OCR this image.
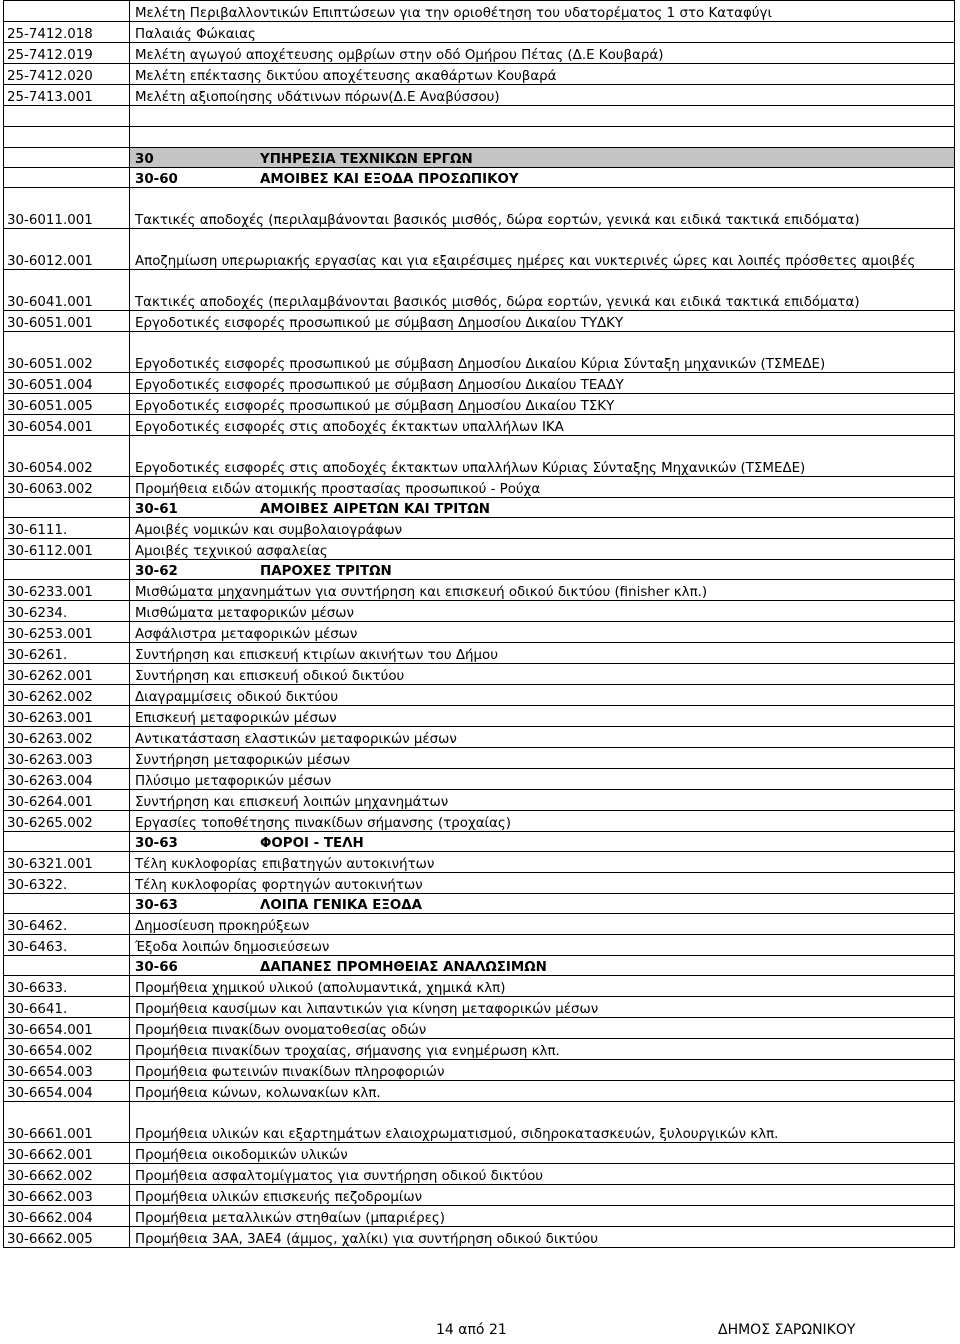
	Μελέτη Περιβαλλοντικών Επιπτώσεων για την οριοθέτηση του υδατορέματος 1 στο Καταφύγι
25-7412.018	Παλαιάς Φώκαιας
25-7412.019	Μελέτη αγωγού αποχέτευσης ομβρίων στην οδό Ομήρου Πέτας (Δ.Ε Κουβαρά)
25-7412.020	Μελέτη επέκτασης δικτύου αποχέτευσης ακαθάρτων Κουβαρά
25-7413.001	Μελέτη αξιοποίησης υδάτινων πόρων(Δ.Ε Αναβύσσου)

	30 ΥΠΗΡΕΣΙΑ ΤΕΧΝΙΚΩΝ ΕΡΓΩΝ
	30-60 ΑΜΟΙΒΕΣ ΚΑΙ ΕΞΟΔΑ ΠΡΟΣΩΠΙΚΟΥ
30-6011.001	Τακτικές αποδοχές (περιλαμβάνονται βασικός μισθός, δώρα εορτών, γενικά και ειδικά τακτικά επιδόματα)
30-6012.001	Αποζημίωση υπερωριακής εργασίας και για εξαιρέσιμες ημέρες και νυκτερινές ώρες και λοιπές πρόσθετες αμοιβές
30-6041.001	Τακτικές αποδοχές (περιλαμβάνονται βασικός μισθός, δώρα εορτών, γενικά και ειδικά τακτικά επιδόματα)
30-6051.001	Εργοδοτικές εισφορές προσωπικού με σύμβαση Δημοσίου Δικαίου ΤΥΔΚΥ
30-6051.002	Εργοδοτικές εισφορές προσωπικού με σύμβαση Δημοσίου Δικαίου Κύρια Σύνταξη μηχανικών (ΤΣΜΕΔΕ)
30-6051.004	Εργοδοτικές εισφορές προσωπικού με σύμβαση Δημοσίου Δικαίου ΤΕΑΔΥ
30-6051.005	Εργοδοτικές εισφορές προσωπικού με σύμβαση Δημοσίου Δικαίου ΤΣΚΥ
30-6054.001	Εργοδοτικές εισφορές στις αποδοχές έκτακτων υπαλλήλων ΙΚΑ
30-6054.002	Εργοδοτικές εισφορές στις αποδοχές έκτακτων υπαλλήλων Κύριας Σύνταξης Μηχανικών (ΤΣΜΕΔΕ)
30-6063.002	Προμήθεια ειδών ατομικής προστασίας προσωπικού - Ρούχα
	30-61 ΑΜΟΙΒΕΣ ΑΙΡΕΤΩΝ ΚΑΙ ΤΡΙΤΩΝ
30-6111.	Αμοιβές νομικών και συμβολαιογράφων
30-6112.001	Αμοιβές τεχνικού ασφαλείας
	30-62 ΠΑΡΟΧΕΣ ΤΡΙΤΩΝ
30-6233.001	Μισθώματα μηχανημάτων για συντήρηση και επισκευή οδικού δικτύου (finisher κλπ.)
30-6234.	Μισθώματα μεταφορικών μέσων
30-6253.001	Ασφάλιστρα μεταφορικών μέσων
30-6261.	Συντήρηση και επισκευή κτιρίων ακινήτων του Δήμου
30-6262.001	Συντήρηση και επισκευή οδικού δικτύου
30-6262.002	Διαγραμμίσεις οδικού δικτύου
30-6263.001	Επισκευή μεταφορικών μέσων
30-6263.002	Αντικατάσταση ελαστικών μεταφορικών μέσων
30-6263.003	Συντήρηση μεταφορικών μέσων
30-6263.004	Πλύσιμο μεταφορικών μέσων
30-6264.001	Συντήρηση και επισκευή λοιπών μηχανημάτων
30-6265.002	Εργασίες τοποθέτησης πινακίδων σήμανσης (τροχαίας)
	30-63 ΦΟΡΟΙ - ΤΕΛΗ
30-6321.001	Τέλη κυκλοφορίας επιβατηγών αυτοκινήτων
30-6322.	Τέλη κυκλοφορίας φορτηγών αυτοκινήτων
	30-63 ΛΟΙΠΑ ΓΕΝΙΚΑ ΕΞΟΔΑ
30-6462.	Δημοσίευση προκηρύξεων
30-6463.	Έξοδα λοιπών δημοσιεύσεων
	30-66 ΔΑΠΑΝΕΣ ΠΡΟΜΗΘΕΙΑΣ ΑΝΑΛΩΣΙΜΩΝ
30-6633.	Προμήθεια χημικού υλικού (απολυμαντικά, χημικά κλπ)
30-6641.	Προμήθεια καυσίμων και λιπαντικών για κίνηση μεταφορικών μέσων
30-6654.001	Προμήθεια πινακίδων ονοματοθεσίας οδών
30-6654.002	Προμήθεια πινακίδων τροχαίας, σήμανσης για ενημέρωση κλπ.
30-6654.003	Προμήθεια φωτεινών πινακίδων πληροφοριών
30-6654.004	Προμήθεια κώνων, κολωνακίων κλπ.
30-6661.001	Προμήθεια υλικών και εξαρτημάτων ελαιοχρωματισμού, σιδηροκατασκευών, ξυλουργικών κλπ.
30-6662.001	Προμήθεια οικοδομικών υλικών
30-6662.002	Προμήθεια ασφαλτομίγματος για συντήρηση οδικού δικτύου
30-6662.003	Προμήθεια υλικών επισκευής πεζοδρομίων
30-6662.004	Προμήθεια μεταλλικών στηθαίων (μπαριέρες)
30-6662.005	Προμήθεια 3ΑΑ, 3ΑΕ4 (άμμος, χαλίκι) για συντήρηση οδικού δικτύου
14 από 21	ΔΗΜΟΣ ΣΑΡΩΝΙΚΟΥ
